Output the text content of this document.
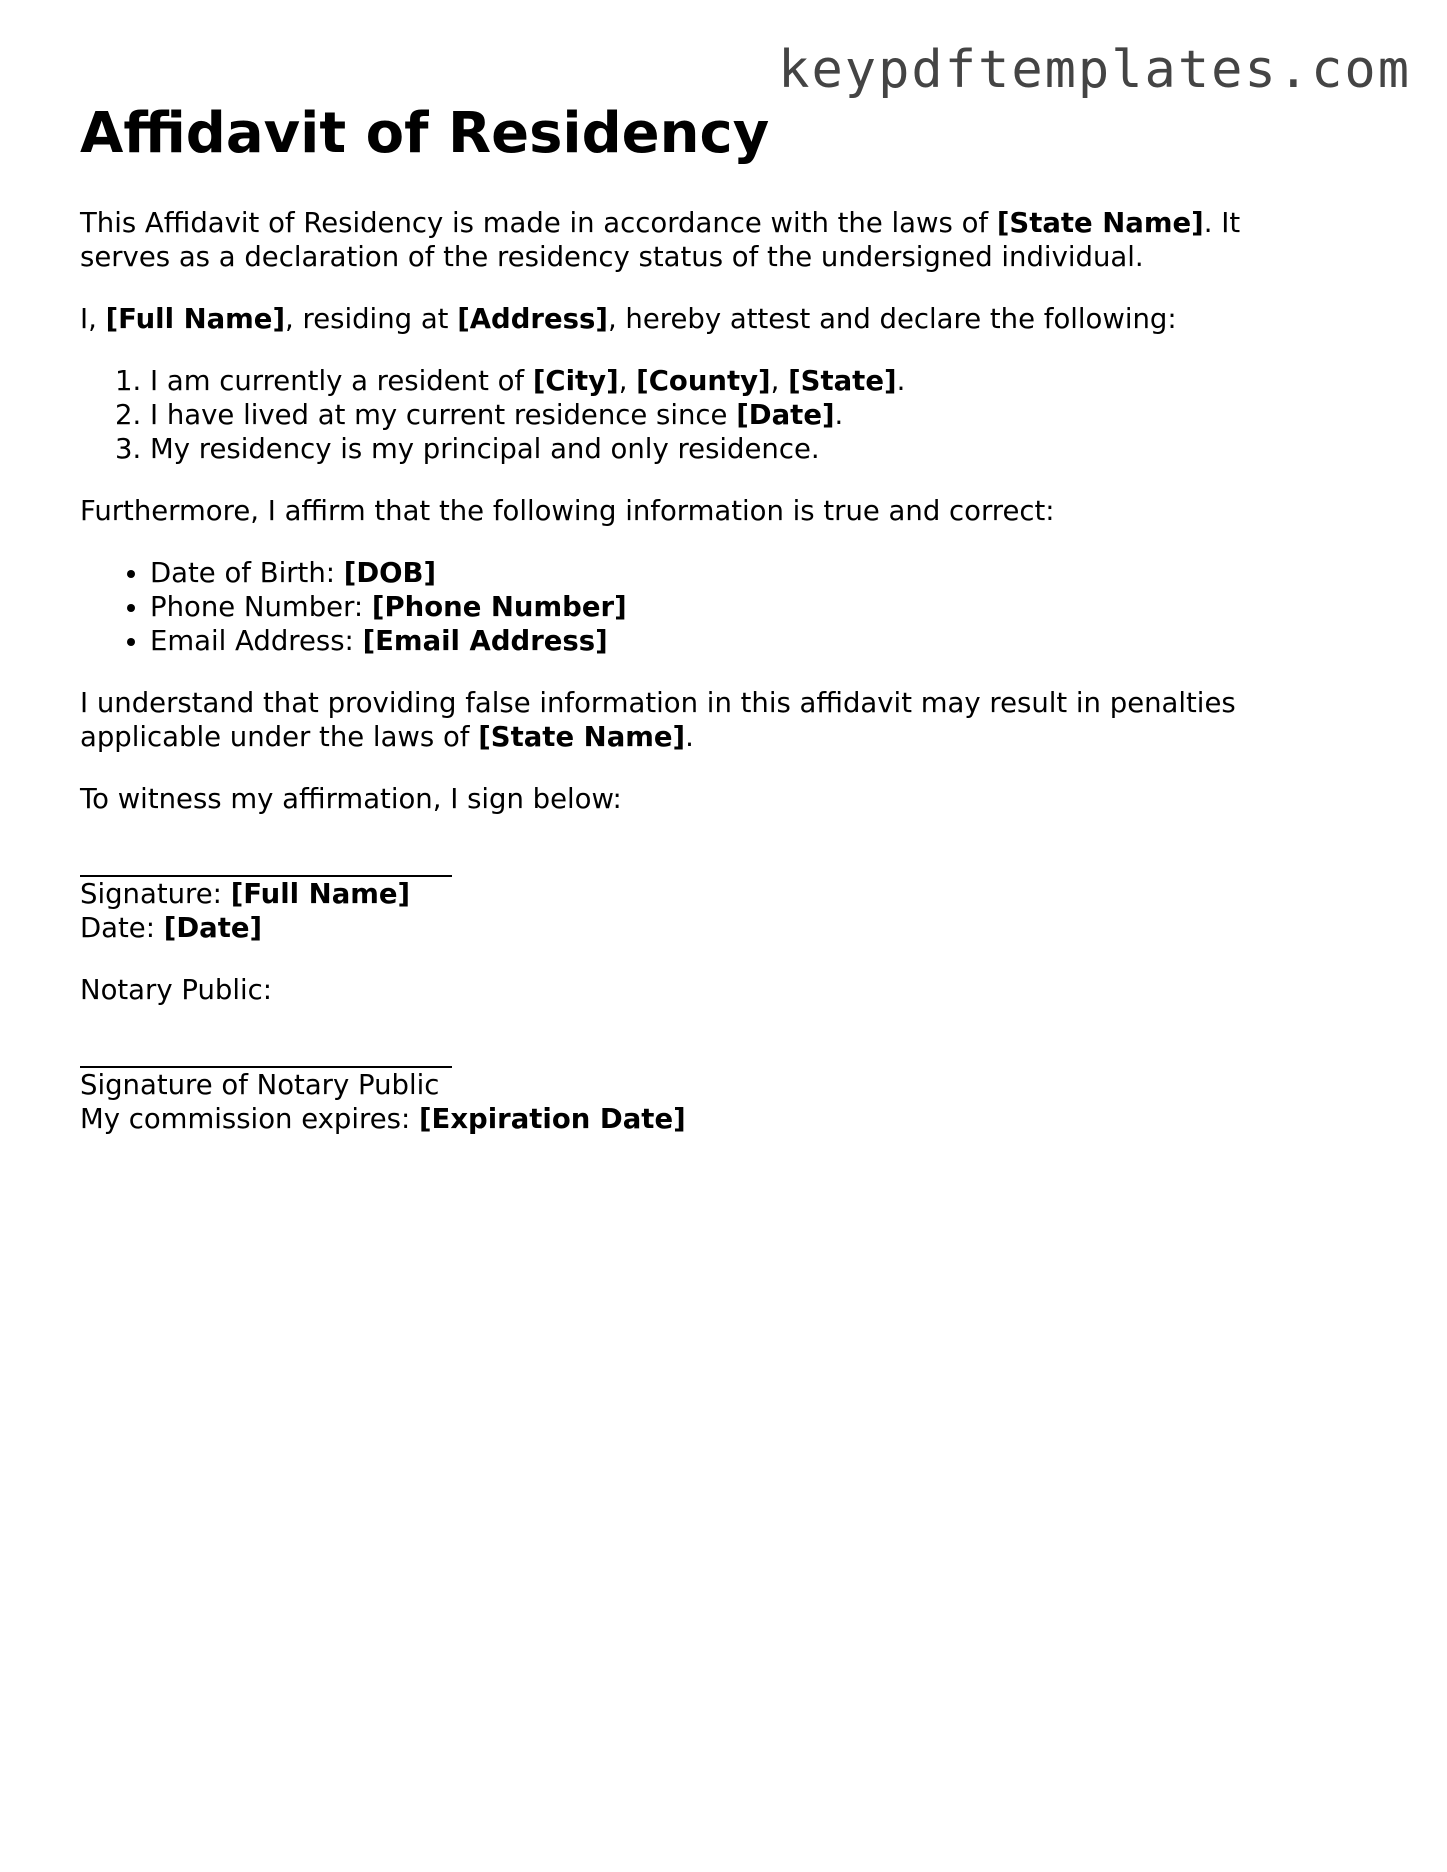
keypdftemplates.com
Affidavit of Residency

This Affidavit of Residency is made in accordance with the laws of [State Name]. It serves as a declaration of the residency status of the undersigned individual.

I, [Full Name], residing at [Address], hereby attest and declare the following:

1. I am currently a resident of [City], [County], [State].
2. I have lived at my current residence since [Date].
3. My residency is my principal and only residence.

Furthermore, I affirm that the following information is true and correct:

• Date of Birth: [DOB]
• Phone Number: [Phone Number]
• Email Address: [Email Address]

I understand that providing false information in this affidavit may result in penalties applicable under the laws of [State Name].

To witness my affirmation, I sign below:

Signature: [Full Name]
Date: [Date]

Notary Public:

Signature of Notary Public
My commission expires: [Expiration Date]
